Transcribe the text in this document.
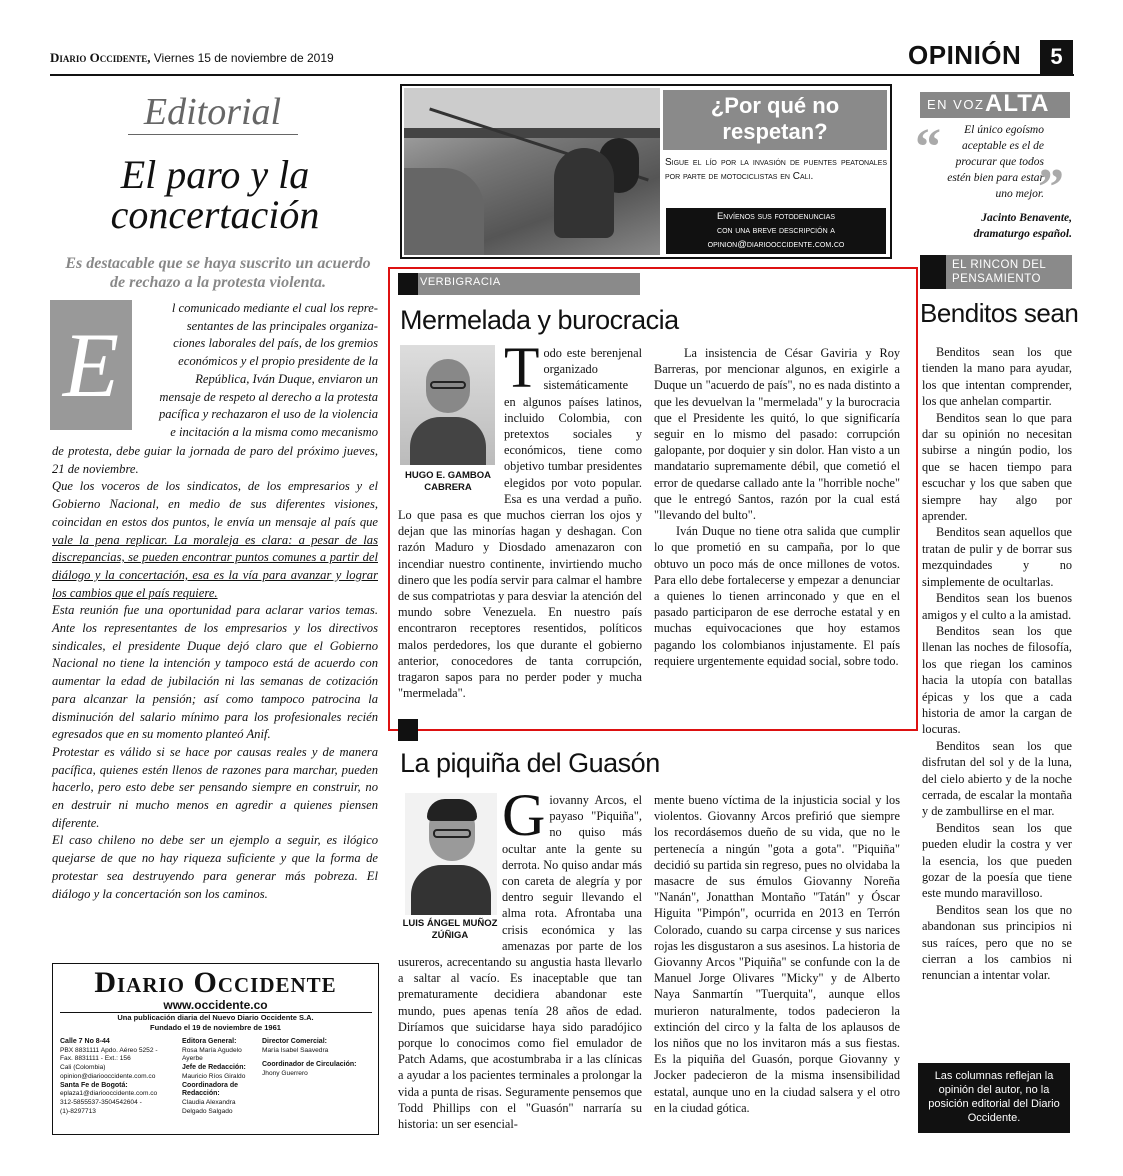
Diario Occidente, Viernes 15 de noviembre de 2019	OPINIÓN	5
Editorial
El paro y la concertación
Es destacable que se haya suscrito un acuerdo de rechazo a la protesta violenta.
E
l comunicado mediante el cual los repre-
sentantes de las principales organiza-
ciones laborales del país, de los gremios
económicos y el propio presidente de la
República, Iván Duque, enviaron un
mensaje de respeto al derecho a la protesta
pacífica y rechazaron el uso de la violencia
e incitación a la misma como mecanismo

de protesta, debe guiar la jornada de paro del próximo jueves, 21 de noviembre.

Que los voceros de los sindicatos, de los empresarios y el Gobierno Nacional, en medio de sus diferentes visiones, coincidan en estos dos puntos, le envía un mensaje al país que vale la pena replicar. La moraleja es clara: a pesar de las discrepancias, se pueden encontrar puntos comunes a partir del diálogo y la concertación, esa es la vía para avanzar y lograr los cambios que el país requiere.

Esta reunión fue una oportunidad para aclarar varios temas. Ante los representantes de los empresarios y los directivos sindicales, el presidente Duque dejó claro que el Gobierno Nacional no tiene la intención y tampoco está de acuerdo con aumentar la edad de jubilación ni las semanas de cotización para alcanzar la pensión; así como tampoco patrocina la disminución del salario mínimo para los profesionales recién egresados que en su momento planteó Anif.

Protestar es válido si se hace por causas reales y de manera pacífica, quienes estén llenos de razones para marchar, pueden hacerlo, pero esto debe ser pensando siempre en construir, no en destruir ni mucho menos en agredir a quienes piensen diferente.

El caso chileno no debe ser un ejemplo a seguir, es ilógico quejarse de que no hay riqueza suficiente y que la forma de protestar sea destruyendo para generar más pobreza. El diálogo y la concertación son los caminos.

¿Por qué no respetan?
Sigue el lío por la invasión de puentes peatonales por parte de motociclistas en Cali.
Envíenos sus fotodenuncias
con una breve descripción a
opinion@diariooccidente.com.co
EN VOZ ALTA
“	El único egoísmo aceptable es el de procurar que todos estén bien para estar uno mejor.
”
Jacinto Benavente, dramaturgo español.
EL RINCON DEL PENSAMIENTO
Benditos sean

Benditos sean los que tienden la mano para ayudar, los que intentan comprender, los que anhelan compartir.

Benditos sean lo que para dar su opinión no necesitan subirse a ningún podio, los que se hacen tiempo para escuchar y los que saben que siempre hay algo por aprender.

Benditos sean aquellos que tratan de pulir y de borrar sus mezquindades y no simplemente de ocultarlas.

Benditos sean los buenos amigos y el culto a la amistad.

Benditos sean los que llenan las noches de filosofía, los que riegan los caminos hacia la utopía con batallas épicas y los que a cada historia de amor la cargan de locuras.

Benditos sean los que disfrutan del sol y de la luna, del cielo abierto y de la noche cerrada, de escalar la montaña y de zambullirse en el mar.

Benditos sean los que pueden eludir la costra y ver la esencia, los que pueden gozar de la poesía que tiene este mundo maravilloso.

Benditos sean los que no abandonan sus principios ni sus raíces, pero que no se cierran a los cambios ni renuncian a intentar volar.

Las columnas reflejan la opinión del autor, no la posición editorial del Diario Occidente.
VERBIGRACIA
Mermelada y burocracia
HUGO E. GAMBOA CABRERA

Todo este berenjenal organizado sistemáticamente en algunos países latinos, incluido Colombia, con pretextos sociales y económicos, tiene como objetivo tumbar presidentes elegidos por voto popular. Esa es una verdad a puño. Lo que pasa es que muchos cierran los ojos y dejan que las minorías hagan y deshagan. Con razón Maduro y Diosdado amenazaron con incendiar nuestro continente, invirtiendo mucho dinero que les podía servir para calmar el hambre de sus compatriotas y para desviar la atención del mundo sobre Venezuela. En nuestro país encontraron receptores resentidos, políticos malos perdedores, los que durante el gobierno anterior, conocedores de tanta corrupción, tragaron sapos para no perder poder y mucha "mermelada".

La insistencia de César Gaviria y Roy Barreras, por mencionar algunos, en exigirle a Duque un "acuerdo de país", no es nada distinto a que les devuelvan la "mermelada" y la burocracia que el Presidente les quitó, lo que significaría seguir en lo mismo del pasado: corrupción galopante, por doquier y sin dolor. Han visto a un mandatario supremamente débil, que cometió el error de quedarse callado ante la "horrible noche" que le entregó Santos, razón por la cual está "llevando del bulto".

Iván Duque no tiene otra salida que cumplir lo que prometió en su campaña, por lo que obtuvo un poco más de once millones de votos. Para ello debe fortalecerse y empezar a denunciar a quienes lo tienen arrinconado y que en el pasado participaron de ese derroche estatal y en muchas equivocaciones que hoy estamos pagando los colombianos injustamente. El país requiere urgentemente equidad social, sobre todo.

La piquiña del Guasón
LUIS ÁNGEL MUÑOZ ZÚÑIGA

Giovanny Arcos, el payaso "Piquiña", no quiso más ocultar ante la gente su derrota. No quiso andar más con careta de alegría y por dentro seguir llevando el alma rota. Afrontaba una crisis económica y las amenazas por parte de los usureros, acrecentando su angustia hasta llevarlo a saltar al vacío. Es inaceptable que tan prematuramente decidiera abandonar este mundo, pues apenas tenía 28 años de edad. Diríamos que suicidarse haya sido paradójico porque lo conocimos como fiel emulador de Patch Adams, que acostumbraba ir a las clínicas a ayudar a los pacientes terminales a prolongar la vida a punta de risas. Seguramente pensemos que Todd Phillips con el "Guasón" narraría su historia: un ser esencial-

mente bueno víctima de la injusticia social y los violentos. Giovanny Arcos prefirió que siempre los recordásemos dueño de su vida, que no le pertenecía a ningún "gota a gota". "Piquiña" decidió su partida sin regreso, pues no olvidaba la masacre de sus émulos Giovanny Noreña "Nanán", Jonatthan Montaño "Tatán" y Óscar Higuita "Pimpón", ocurrida en 2013 en Terrón Colorado, cuando su carpa circense y sus narices rojas les disgustaron a sus asesinos. La historia de Giovanny Arcos "Piquiña" se confunde con la de Manuel Jorge Olivares "Micky" y de Alberto Naya Sanmartín "Tuerquita", aunque ellos murieron naturalmente, todos padecieron la extinción del circo y la falta de los aplausos de los niños que no los invitaron más a sus fiestas. Es la piquiña del Guasón, porque Giovanny y Jocker padecieron de la misma insensibilidad estatal, aunque uno en la ciudad salsera y el otro en la ciudad gótica.

Diario Occidente
www.occidente.co
Una publicación diaria del Nuevo Diario Occidente S.A.
Fundado el 19 de noviembre de 1961
Calle 7 No 8-44
PBX 8831111 Apdo. Aéreo 5252 -
Fax. 8831111 - Ext.: 156
Cali (Colombia)
opinion@diariooccidente.com.co
Santa Fe de Bogotá:
eplaza1@diariooccidente.com.co
312-5855537-3504542604 -
(1)-8297713
Editora General:
Rosa María Agudelo Ayerbe
Jefe de Redacción:
Mauricio Ríos Giraldo
Coordinadora de Redacción:
Claudia Alexandra Delgado Salgado
Director Comercial:
María Isabel Saavedra
Coordinador de Circulación:
Jhony Guerrero
